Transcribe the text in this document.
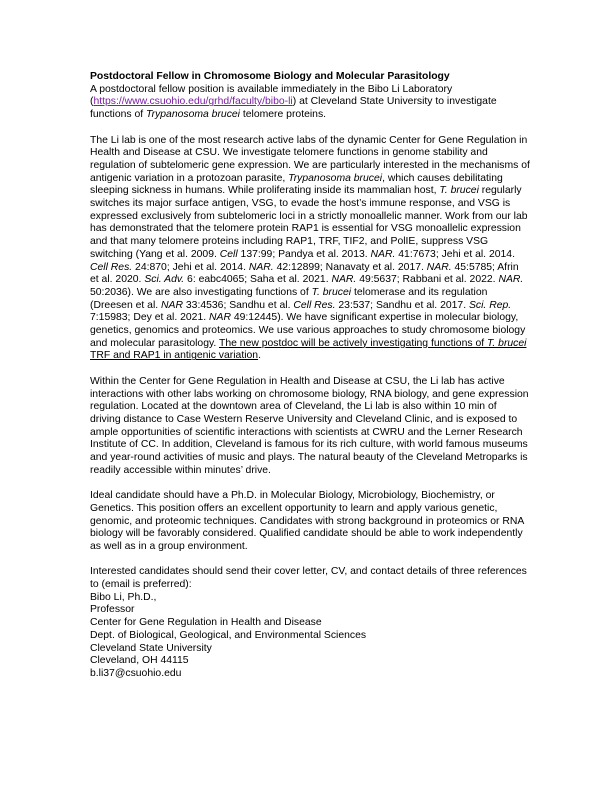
Postdoctoral Fellow in Chromosome Biology and Molecular Parasitology
A postdoctoral fellow position is available immediately in the Bibo Li Laboratory (https://www.csuohio.edu/grhd/faculty/bibo-li) at Cleveland State University to investigate functions of Trypanosoma brucei telomere proteins.

The Li lab is one of the most research active labs of the dynamic Center for Gene Regulation in Health and Disease at CSU. We investigate telomere functions in genome stability and regulation of subtelomeric gene expression. We are particularly interested in the mechanisms of antigenic variation in a protozoan parasite, Trypanosoma brucei, which causes debilitating sleeping sickness in humans. While proliferating inside its mammalian host, T. brucei regularly switches its major surface antigen, VSG, to evade the host’s immune response, and VSG is expressed exclusively from subtelomeric loci in a strictly monoallelic manner. Work from our lab has demonstrated that the telomere protein RAP1 is essential for VSG monoallelic expression and that many telomere proteins including RAP1, TRF, TIF2, and PolIE, suppress VSG switching (Yang et al. 2009. Cell 137:99; Pandya et al. 2013. NAR. 41:7673; Jehi et al. 2014. Cell Res. 24:870; Jehi et al. 2014. NAR. 42:12899; Nanavaty et al. 2017. NAR. 45:5785; Afrin et al. 2020. Sci. Adv. 6: eabc4065; Saha et al. 2021. NAR. 49:5637; Rabbani et al. 2022. NAR. 50:2036). We are also investigating functions of T. brucei telomerase and its regulation (Dreesen et al. NAR 33:4536; Sandhu et al. Cell Res. 23:537; Sandhu et al. 2017. Sci. Rep. 7:15983; Dey et al. 2021. NAR 49:12445). We have significant expertise in molecular biology, genetics, genomics and proteomics. We use various approaches to study chromosome biology and molecular parasitology. The new postdoc will be actively investigating functions of T. brucei TRF and RAP1 in antigenic variation.

Within the Center for Gene Regulation in Health and Disease at CSU, the Li lab has active interactions with other labs working on chromosome biology, RNA biology, and gene expression regulation. Located at the downtown area of Cleveland, the Li lab is also within 10 min of driving distance to Case Western Reserve University and Cleveland Clinic, and is exposed to ample opportunities of scientific interactions with scientists at CWRU and the Lerner Research Institute of CC. In addition, Cleveland is famous for its rich culture, with world famous museums and year-round activities of music and plays. The natural beauty of the Cleveland Metroparks is readily accessible within minutes’ drive.

Ideal candidate should have a Ph.D. in Molecular Biology, Microbiology, Biochemistry, or Genetics. This position offers an excellent opportunity to learn and apply various genetic, genomic, and proteomic techniques. Candidates with strong background in proteomics or RNA biology will be favorably considered. Qualified candidate should be able to work independently as well as in a group environment.

Interested candidates should send their cover letter, CV, and contact details of three references to (email is preferred):
Bibo Li, Ph.D.,
Professor
Center for Gene Regulation in Health and Disease
Dept. of Biological, Geological, and Environmental Sciences
Cleveland State University
Cleveland, OH 44115
b.li37@csuohio.edu
